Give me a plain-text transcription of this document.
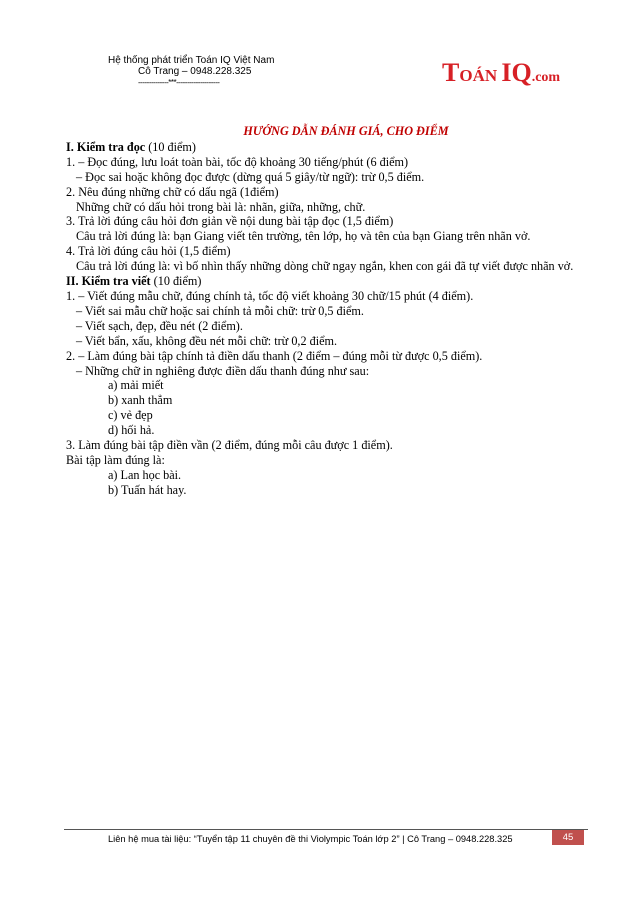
Hệ thống phát triển Toán IQ Việt Nam
Cô Trang – 0948.228.325
--------------***--------------------	TOÁN IQ.com
HƯỚNG DẪN ĐÁNH GIÁ, CHO ĐIỂM
I. Kiểm tra đọc (10 điểm)
1. – Đọc đúng, lưu loát toàn bài, tốc độ khoảng 30 tiếng/phút (6 điểm)
– Đọc sai hoặc không đọc được (dừng quá 5 giây/từ ngữ): trừ 0,5 điểm.
2. Nêu đúng những chữ có dấu ngã (1điểm)
Những chữ có dấu hỏi trong bài là: nhãn, giữa, những, chữ.
3. Trả lời đúng câu hỏi đơn giản về nội dung bài tập đọc (1,5 điểm)
Câu trả lời đúng là: bạn Giang viết tên trường, tên lớp, họ và tên của bạn Giang trên nhãn vở.
4. Trả lời đúng câu hỏi (1,5 điểm)
Câu trả lời đúng là: vì bố nhìn thấy những dòng chữ ngay ngắn, khen con gái đã tự viết được nhãn vở.
II. Kiểm tra viết (10 điểm)
1. – Viết đúng mẫu chữ, đúng chính tả, tốc độ viết khoảng 30 chữ/15 phút (4 điểm).
– Viết sai mẫu chữ hoặc sai chính tả mỗi chữ: trừ 0,5 điểm.
– Viết sạch, đẹp, đều nét (2 điểm).
– Viết bẩn, xấu, không đều nét mỗi chữ: trừ 0,2 điểm.
2. – Làm đúng bài tập chính tả điền dấu thanh (2 điểm – đúng mỗi từ được 0,5 điểm).
– Những chữ in nghiêng được điền dấu thanh đúng như sau:
a) mải miết
b) xanh thẳm
c) vẻ đẹp
d) hối hả.
3. Làm đúng bài tập điền vần (2 điểm, đúng mỗi câu được 1 điểm).
Bài tập làm đúng là:
a) Lan học bài.
b) Tuấn hát hay.
Liên hệ mua tài liệu: “Tuyển tập 11 chuyên đề thi Violympic Toán lớp 2” | Cô Trang – 0948.228.325	45
